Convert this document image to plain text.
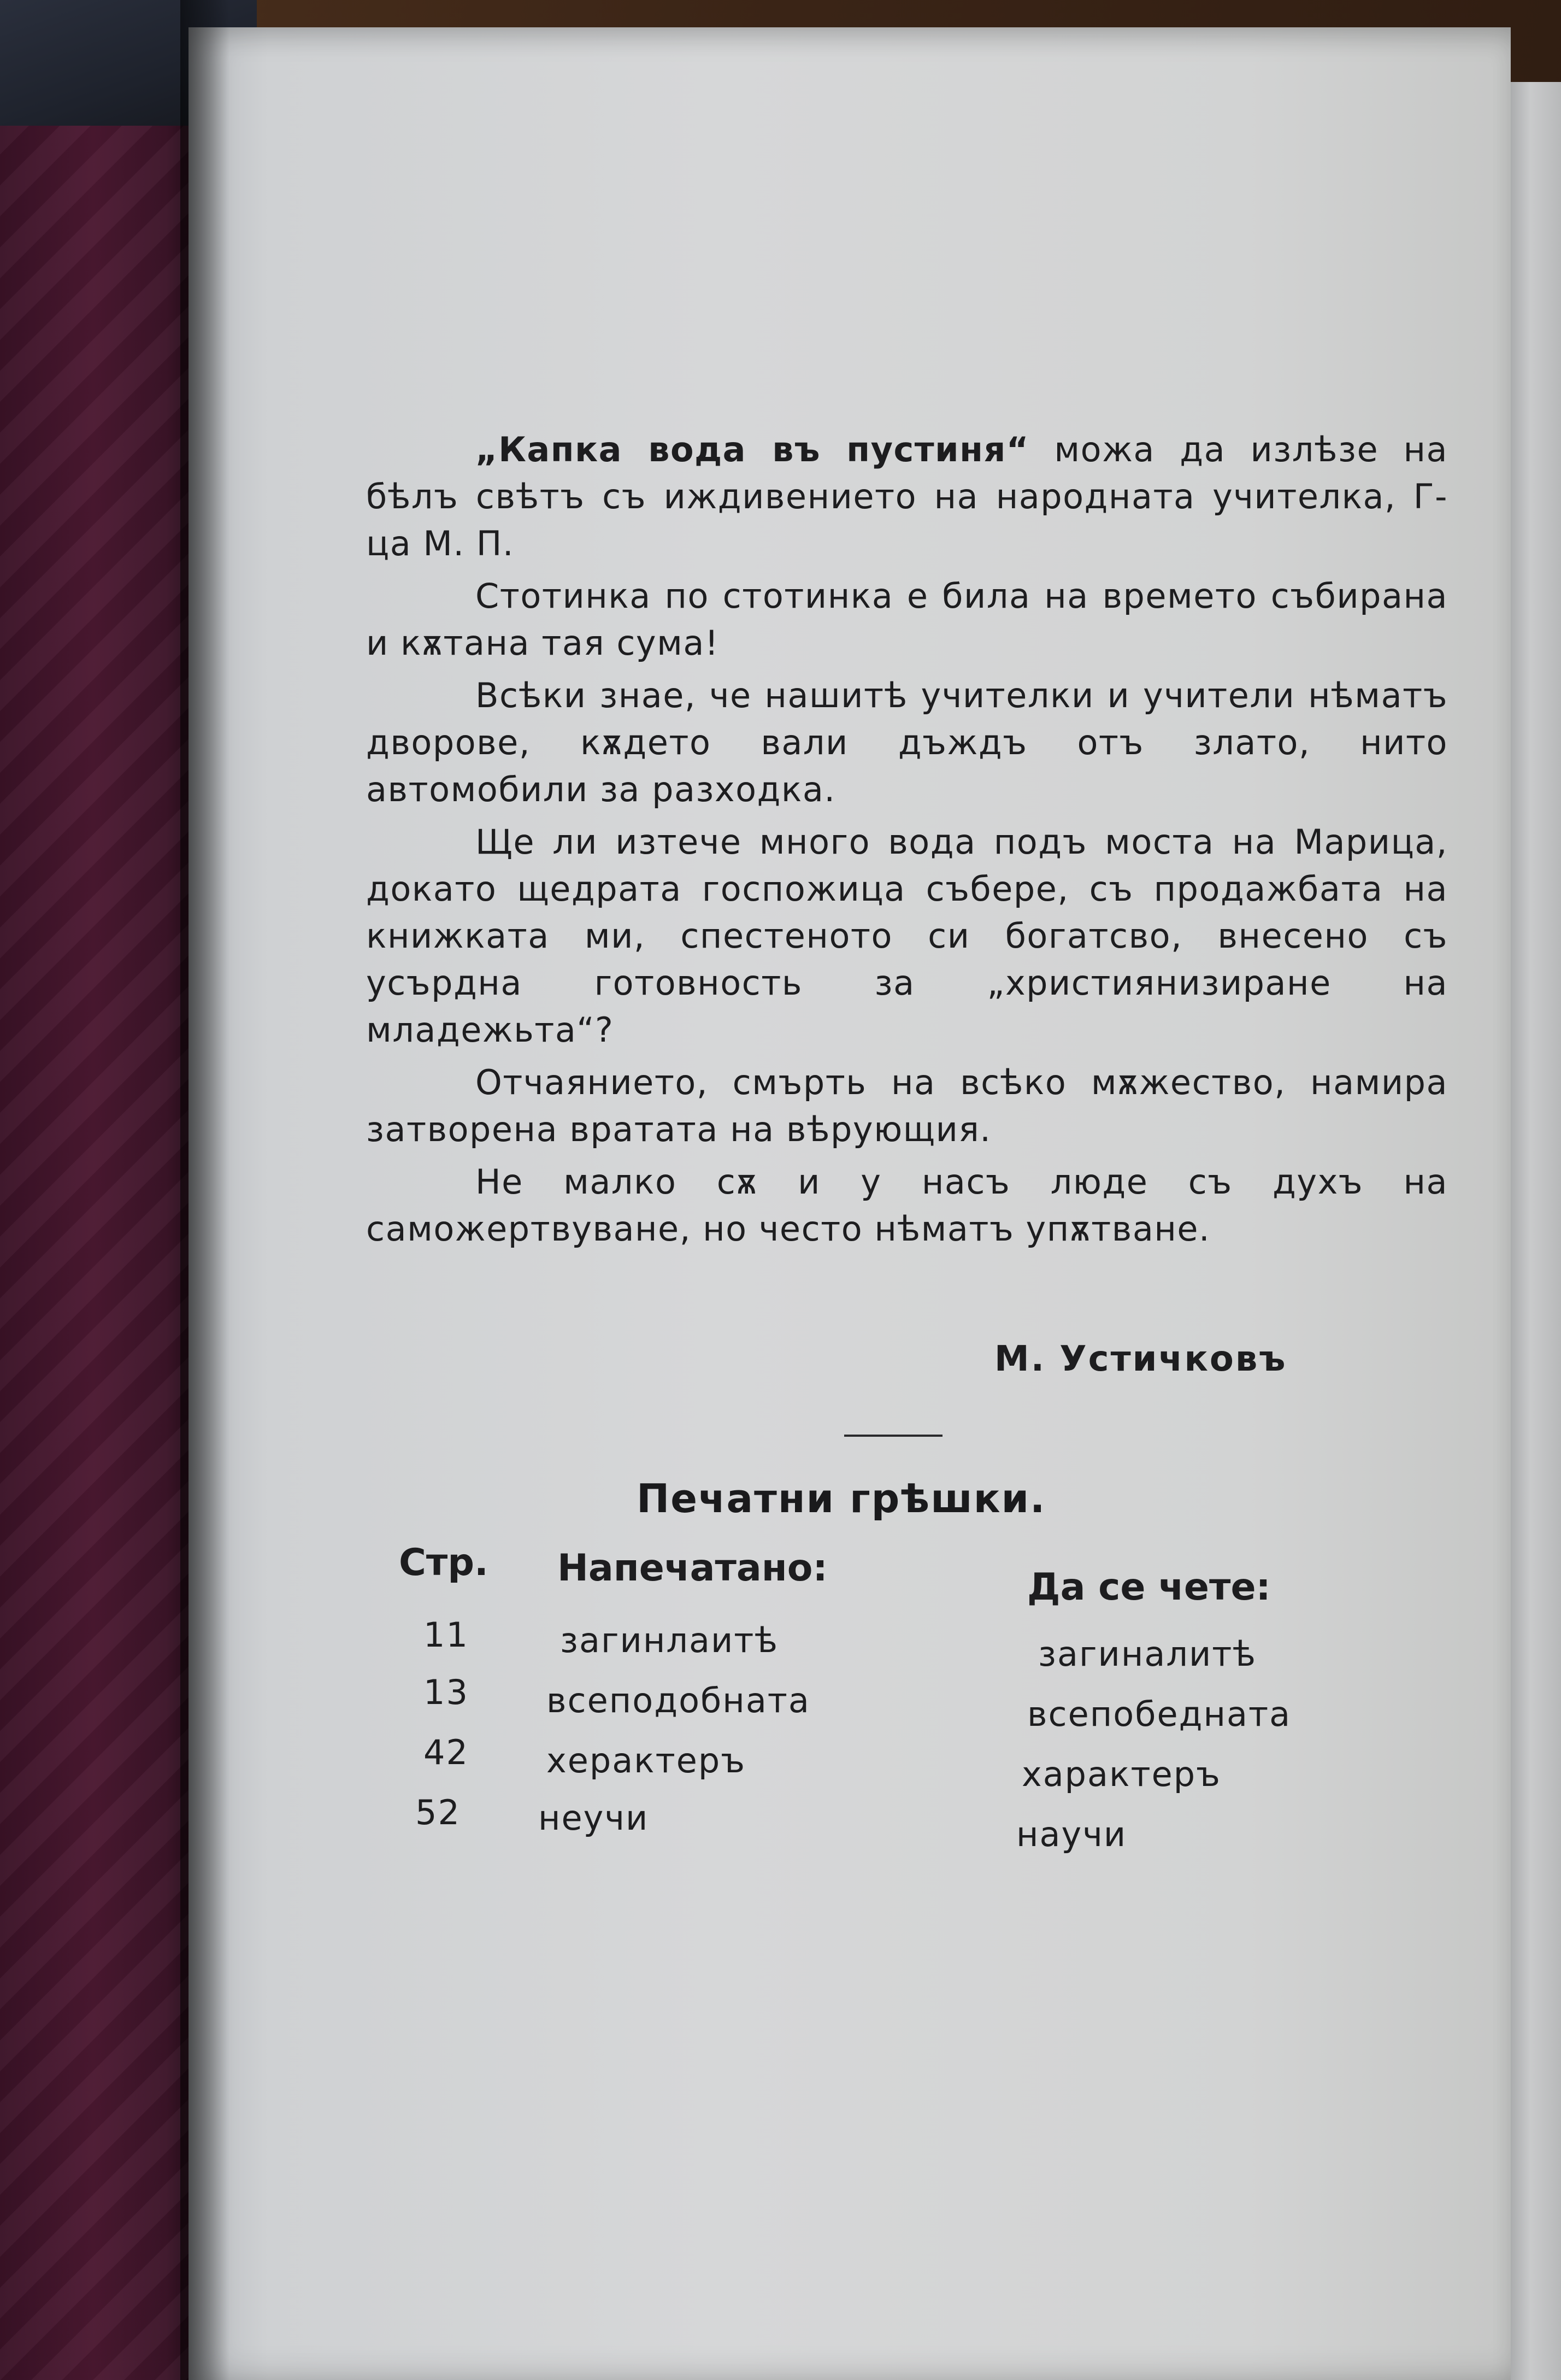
„Капка вода въ пустиня“ можа да излѣзе на бѣлъ свѣтъ съ иждивението на народната учителка, Г-ца М. П.

Стотинка по стотинка е била на времето събирана и кѫтана тая сума!

Всѣки знае, че нашитѣ учителки и учители нѣматъ дворове, кѫдето вали дъждъ отъ злато, нито автомобили за разходка.

Ще ли изтече много вода подъ моста на Марица, докато щедрата госпожица събере, съ продажбата на книжката ми, спестеното си богатсво, внесено съ усърдна готовность за „християнизиране на младежьта“?

Отчаянието, смърть на всѣко мѫжество, намира затворена вратата на вѣрующия.

Не малко сѫ и у насъ люде съ духъ на саможертвуване, но често нѣматъ упѫтване.

М. Устичковъ
Печатни грѣшки.
Стр. Напечатано:	Да се чете:
11	загинлаитѣ	загиналитѣ
13 всеподобната	всепобедната
42 херактеръ	характеръ
52 неучи	научи
